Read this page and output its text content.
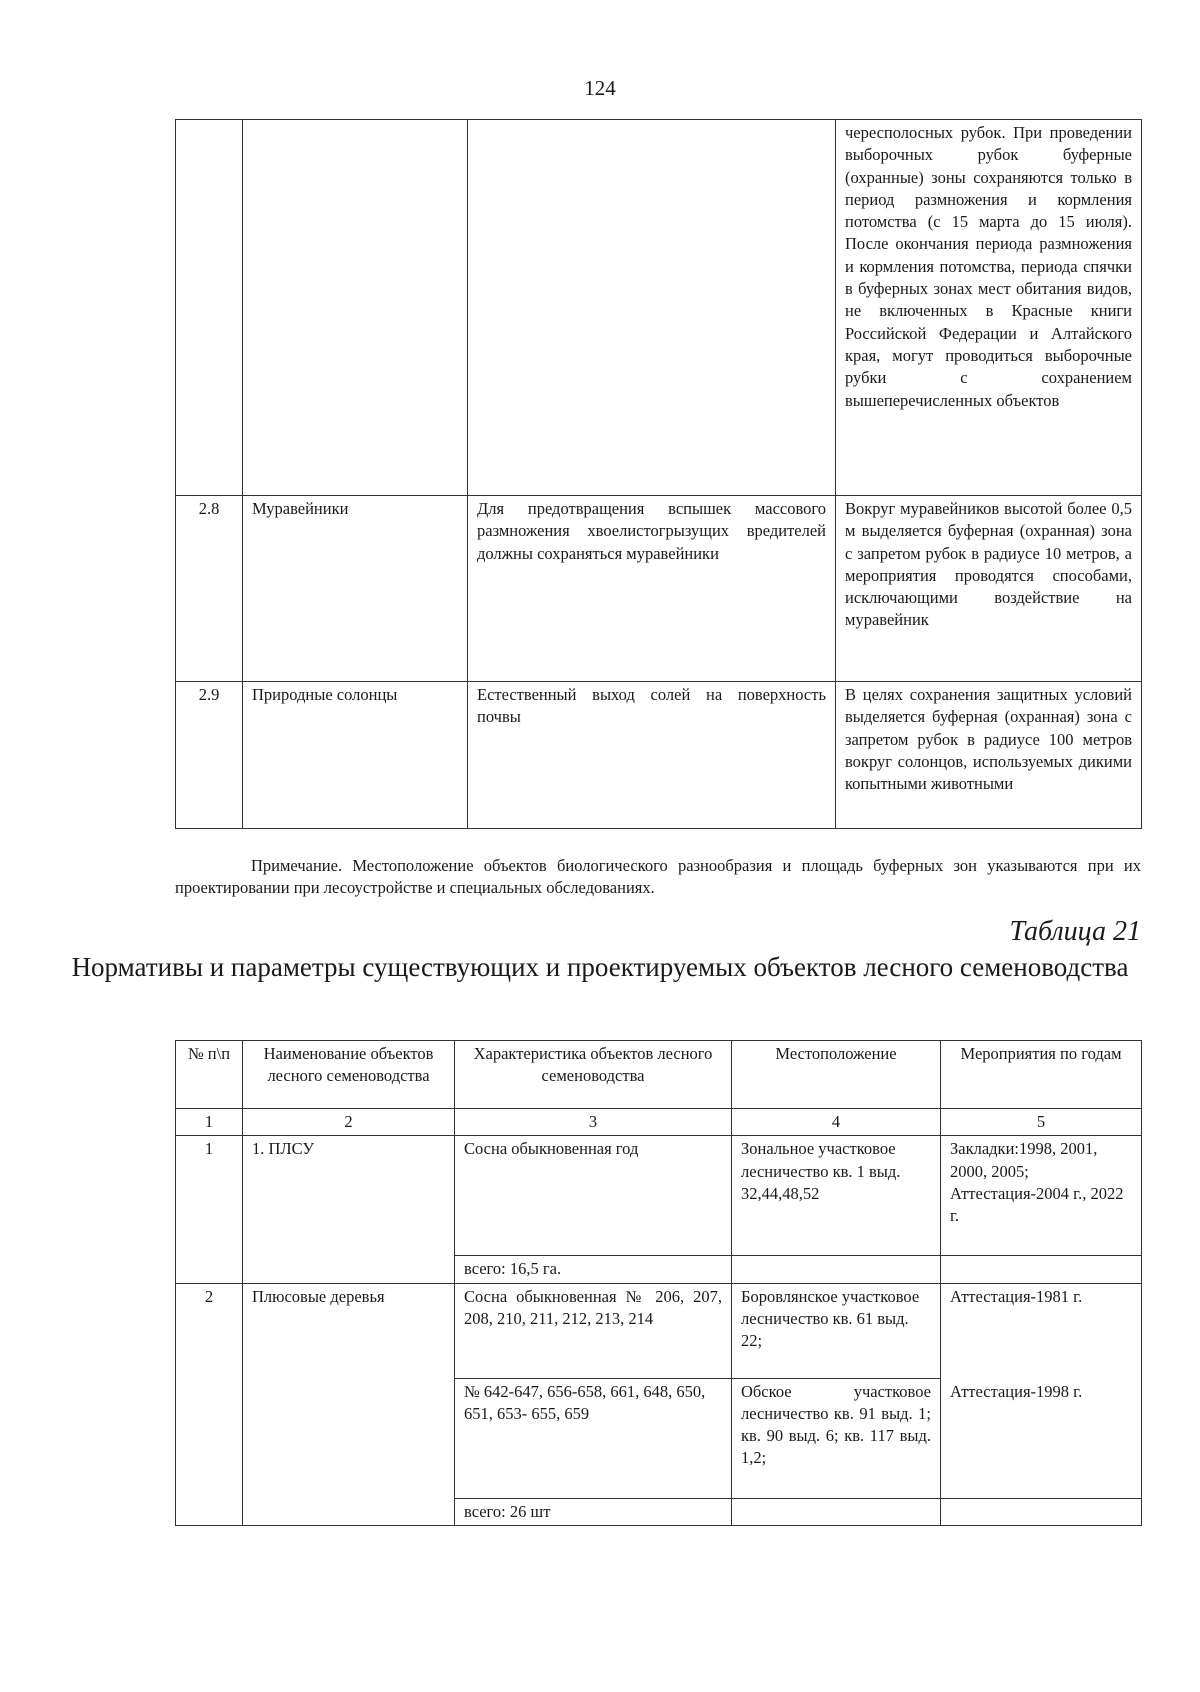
124
			чересполосных рубок. При проведении выборочных рубок буферные (охранные) зоны сохраняются только в период размножения и кормления потомства (с 15 марта до 15 июля). После окончания периода размножения и кормления потомства, периода спячки в буферных зонах мест обитания видов, не включенных в Красные книги Российской Федерации и Алтайского края, могут проводиться выборочные рубки с сохранением вышеперечисленных объектов
2.8	Муравейники	Для предотвращения вспышек массового размножения хвоелистогрызущих вредителей должны сохраняться муравейники	Вокруг муравейников высотой более 0,5 м выделяется буферная (охранная) зона с запретом рубок в радиусе 10 метров, а мероприятия проводятся способами, исключающими воздействие на муравейник
2.9	Природные солонцы	Естественный выход солей на поверхность почвы	В целях сохранения защитных условий выделяется буферная (охранная) зона с запретом рубок в радиусе 100 метров вокруг солонцов, используемых дикими копытными животными
Примечание. Местоположение объектов биологического разнообразия и площадь буферных зон указываются при их проектировании при лесоустройстве и специальных обследованиях.
Таблица 21
Нормативы и параметры существующих и проектируемых объектов лесного семеноводства
№ п\п	Наименование объектов лесного семеноводства	Характеристика объектов лесного семеноводства	Местоположение	Мероприятия по годам
1	2	3	4	5
1	1. ПЛСУ	Сосна обыкновенная год	Зональное участковое лесничество кв. 1 выд. 32,44,48,52	Закладки:1998, 2001, 2000, 2005; Аттестация-2004 г., 2022 г.
		всего: 16,5 га.		
2	Плюсовые деревья	Сосна обыкновенная № 206, 207, 208, 210, 211, 212, 213, 214	Боровлянское участковое лесничество кв. 61 выд. 22;	Аттестация-1981 г.
		№ 642-647, 656-658, 661, 648, 650, 651, 653- 655, 659	Обское участковое лесничество кв. 91 выд. 1; кв. 90 выд. 6; кв. 117 выд. 1,2;	Аттестация-1998 г.
		всего: 26 шт		
